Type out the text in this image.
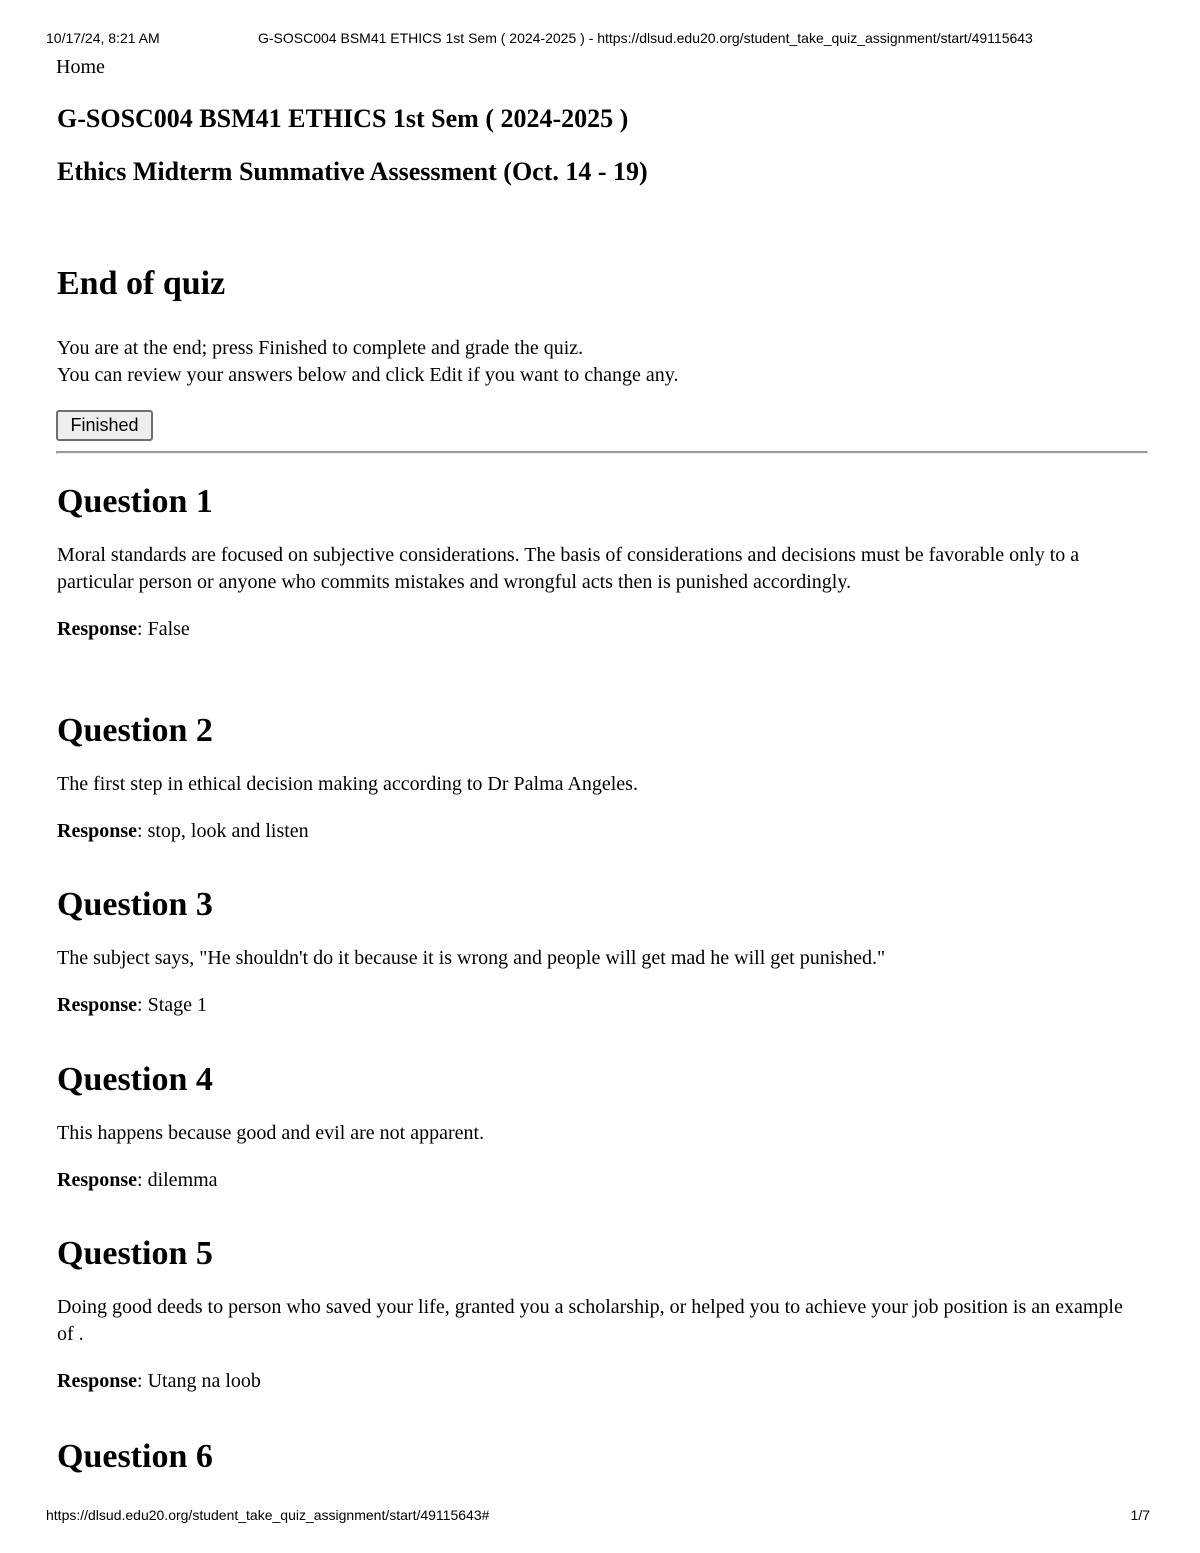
10/17/24, 8:21 AM	G-SOSC004 BSM41 ETHICS 1st Sem ( 2024-2025 ) - https://dlsud.edu20.org/student_take_quiz_assignment/start/49115643
Home
G-SOSC004 BSM41 ETHICS 1st Sem ( 2024-2025 )
Ethics Midterm Summative Assessment (Oct. 14 - 19)
End of quiz
You are at the end; press Finished to complete and grade the quiz.
You can review your answers below and click Edit if you want to change any.
Finished
Question 1
Moral standards are focused on subjective considerations. The basis of considerations and decisions must be favorable only to a particular person or anyone who commits mistakes and wrongful acts then is punished accordingly.
Response: False
Question 2
The first step in ethical decision making according to Dr Palma Angeles.
Response: stop, look and listen
Question 3
The subject says, "He shouldn't do it because it is wrong and people will get mad he will get punished."
Response: Stage 1
Question 4
This happens because good and evil are not apparent.
Response: dilemma
Question 5
Doing good deeds to person who saved your life, granted you a scholarship, or helped you to achieve your job position is an example of .
Response: Utang na loob
Question 6
https://dlsud.edu20.org/student_take_quiz_assignment/start/49115643#	1/7
